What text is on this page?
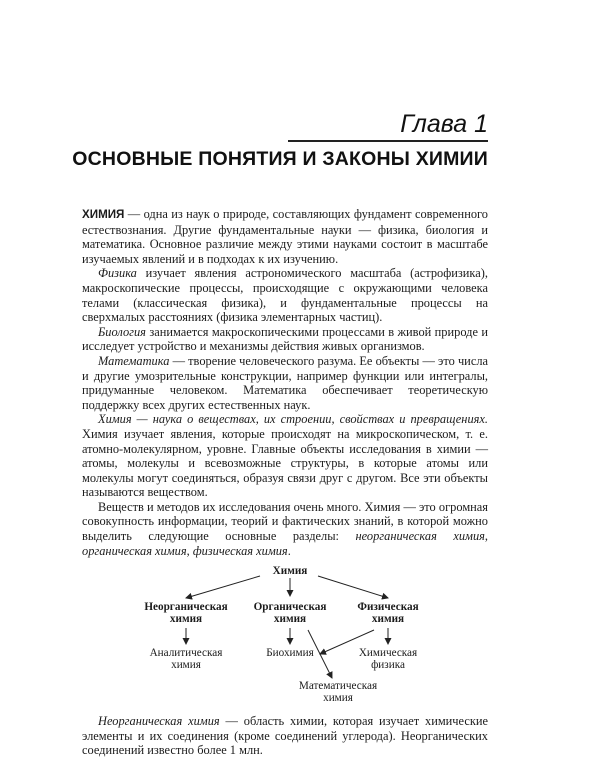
Глава 1
ОСНОВНЫЕ ПОНЯТИЯ И ЗАКОНЫ ХИМИИ

ХИМИЯ — одна из наук о природе, составляющих фундамент современного естествознания. Другие фундаментальные науки — физика, биология и математика. Основное различие между этими науками состоит в масштабе изучаемых явлений и в подходах к их изучению.

Физика изучает явления астрономического масштаба (астрофизика), макроскопические процессы, происходящие с окружающими человека телами (классическая физика), и фундаментальные процессы на сверхмалых расстояниях (физика элементарных частиц).

Биология занимается макроскопическими процессами в живой природе и исследует устройство и механизмы действия живых организмов.

Математика — творение человеческого разума. Ее объекты — это числа и другие умозрительные конструкции, например функции или интегралы, придуманные человеком. Математика обеспечивает теоретическую поддержку всех других естественных наук.

Химия — наука о веществах, их строении, свойствах и превращениях. Химия изучает явления, которые происходят на микроскопическом, т. е. атомно-молекулярном, уровне. Главные объекты исследования в химии — атомы, молекулы и всевозможные структуры, в которые атомы или молекулы могут соединяться, образуя связи друг с другом. Все эти объекты называются веществом.

Веществ и методов их исследования очень много. Химия — это огромная совокупность информации, теорий и фактических знаний, в которой можно выделить следующие основные разделы: неорганическая химия, органическая химия, физическая химия.

Химия
Неорганическая
химия
Органическая
химия
Физическая
химия
Аналитическая
химия
Биохимия	Химическая
физика
Математическая
химия

Неорганическая химия — область химии, которая изучает химические элементы и их соединения (кроме соединений углерода). Неорганических соединений известно более 1 млн.
